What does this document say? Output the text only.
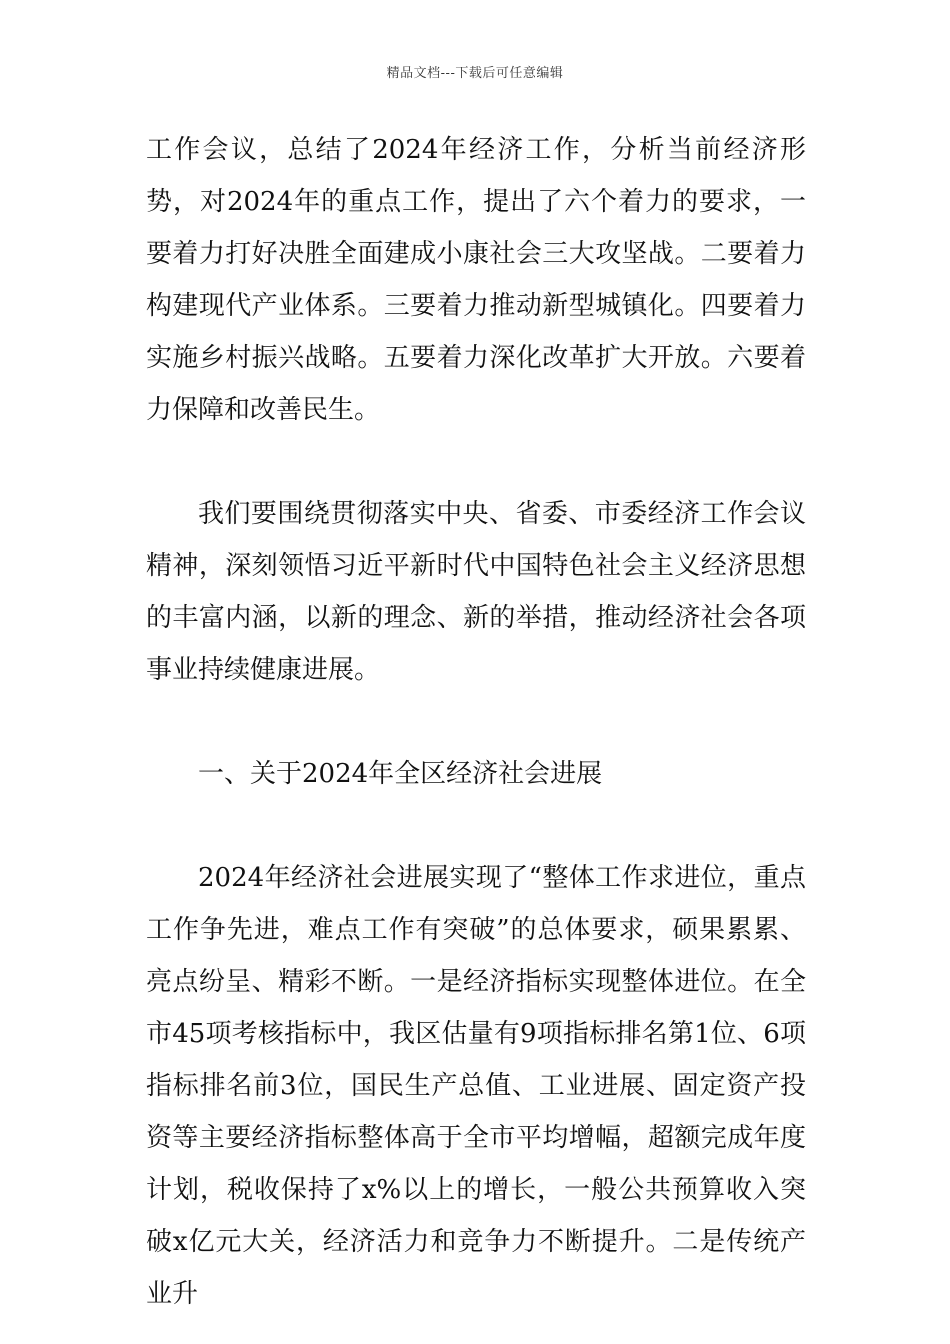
精品文档---下载后可任意编辑

工作会议，总结了2024年经济工作，分析当前经济形势，对2024年的重点工作，提出了六个着力的要求，一要着力打好决胜全面建成小康社会三大攻坚战。二要着力构建现代产业体系。三要着力推动新型城镇化。四要着力实施乡村振兴战略。五要着力深化改革扩大开放。六要着力保障和改善民生。

我们要围绕贯彻落实中央、省委、市委经济工作会议精神，深刻领悟习近平新时代中国特色社会主义经济思想的丰富内涵，以新的理念、新的举措，推动经济社会各项事业持续健康进展。

一、关于2024年全区经济社会进展

2024年经济社会进展实现了“整体工作求进位，重点工作争先进，难点工作有突破”的总体要求，硕果累累、亮点纷呈、精彩不断。一是经济指标实现整体进位。在全市45项考核指标中，我区估量有9项指标排名第1位、6项指标排名前3位，国民生产总值、工业进展、固定资产投资等主要经济指标整体高于全市平均增幅，超额完成年度计划，税收保持了x%以上的增长，一般公共预算收入突破x亿元大关，经济活力和竞争力不断提升。二是传统产业升
